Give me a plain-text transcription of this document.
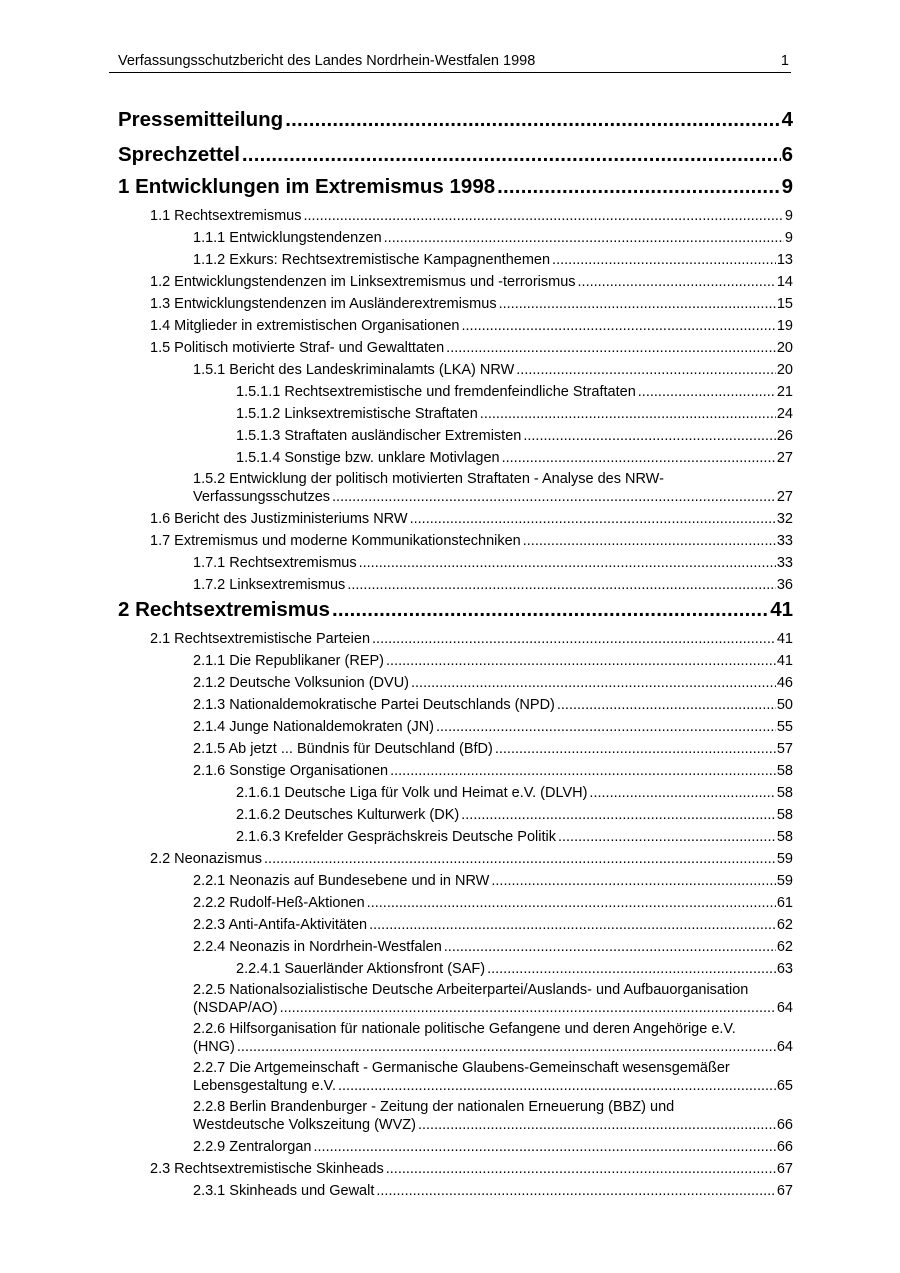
Verfassungsschutzbericht des Landes Nordrhein-Westfalen 1998	1
Pressemitteilung .....	4
Sprechzettel .....	6
1 Entwicklungen im Extremismus 1998 .....	9
1.1 Rechtsextremismus .....	9
1.1.1 Entwicklungstendenzen .....	9
1.1.2 Exkurs: Rechtsextremistische Kampagnenthemen .....	13
1.2 Entwicklungstendenzen im Linksextremismus und -terrorismus .....	14
1.3 Entwicklungstendenzen im Ausländerextremismus .....	15
1.4 Mitglieder in extremistischen Organisationen .....	19
1.5 Politisch motivierte Straf- und Gewalttaten .....	20
1.5.1 Bericht des Landeskriminalamts (LKA) NRW .....	20
1.5.1.1 Rechtsextremistische und fremdenfeindliche Straftaten .....	21
1.5.1.2 Linksextremistische Straftaten .....	24
1.5.1.3 Straftaten ausländischer Extremisten .....	26
1.5.1.4 Sonstige bzw. unklare Motivlagen .....	27
1.5.2 Entwicklung der politisch motivierten Straftaten - Analyse des NRW-
Verfassungsschutzes .....	27
1.6 Bericht des Justizministeriums NRW .....	32
1.7 Extremismus und moderne Kommunikationstechniken .....	33
1.7.1 Rechtsextremismus .....	33
1.7.2 Linksextremismus .....	36
2 Rechtsextremismus .....	41
2.1 Rechtsextremistische Parteien .....	41
2.1.1 Die Republikaner (REP) .....	41
2.1.2 Deutsche Volksunion (DVU) .....	46
2.1.3 Nationaldemokratische Partei Deutschlands (NPD) .....	50
2.1.4 Junge Nationaldemokraten (JN) .....	55
2.1.5 Ab jetzt ... Bündnis für Deutschland (BfD) .....	57
2.1.6 Sonstige Organisationen .....	58
2.1.6.1 Deutsche Liga für Volk und Heimat e.V. (DLVH) .....	58
2.1.6.2 Deutsches Kulturwerk (DK) .....	58
2.1.6.3 Krefelder Gesprächskreis Deutsche Politik .....	58
2.2 Neonazismus .....	59
2.2.1 Neonazis auf Bundesebene und in NRW .....	59
2.2.2 Rudolf-Heß-Aktionen .....	61
2.2.3 Anti-Antifa-Aktivitäten .....	62
2.2.4 Neonazis in Nordrhein-Westfalen .....	62
2.2.4.1 Sauerländer Aktionsfront (SAF) .....	63
2.2.5 Nationalsozialistische Deutsche Arbeiterpartei/Auslands- und Aufbauorganisation
(NSDAP/AO) .....	64
2.2.6 Hilfsorganisation für nationale politische Gefangene und deren Angehörige e.V.
(HNG) .....	64
2.2.7 Die Artgemeinschaft - Germanische Glaubens-Gemeinschaft wesensgemäßer
Lebensgestaltung e.V. .....	65
2.2.8 Berlin Brandenburger - Zeitung der nationalen Erneuerung (BBZ) und
Westdeutsche Volkszeitung (WVZ) .....	66
2.2.9 Zentralorgan .....	66
2.3 Rechtsextremistische Skinheads .....	67
2.3.1 Skinheads und Gewalt .....	67
